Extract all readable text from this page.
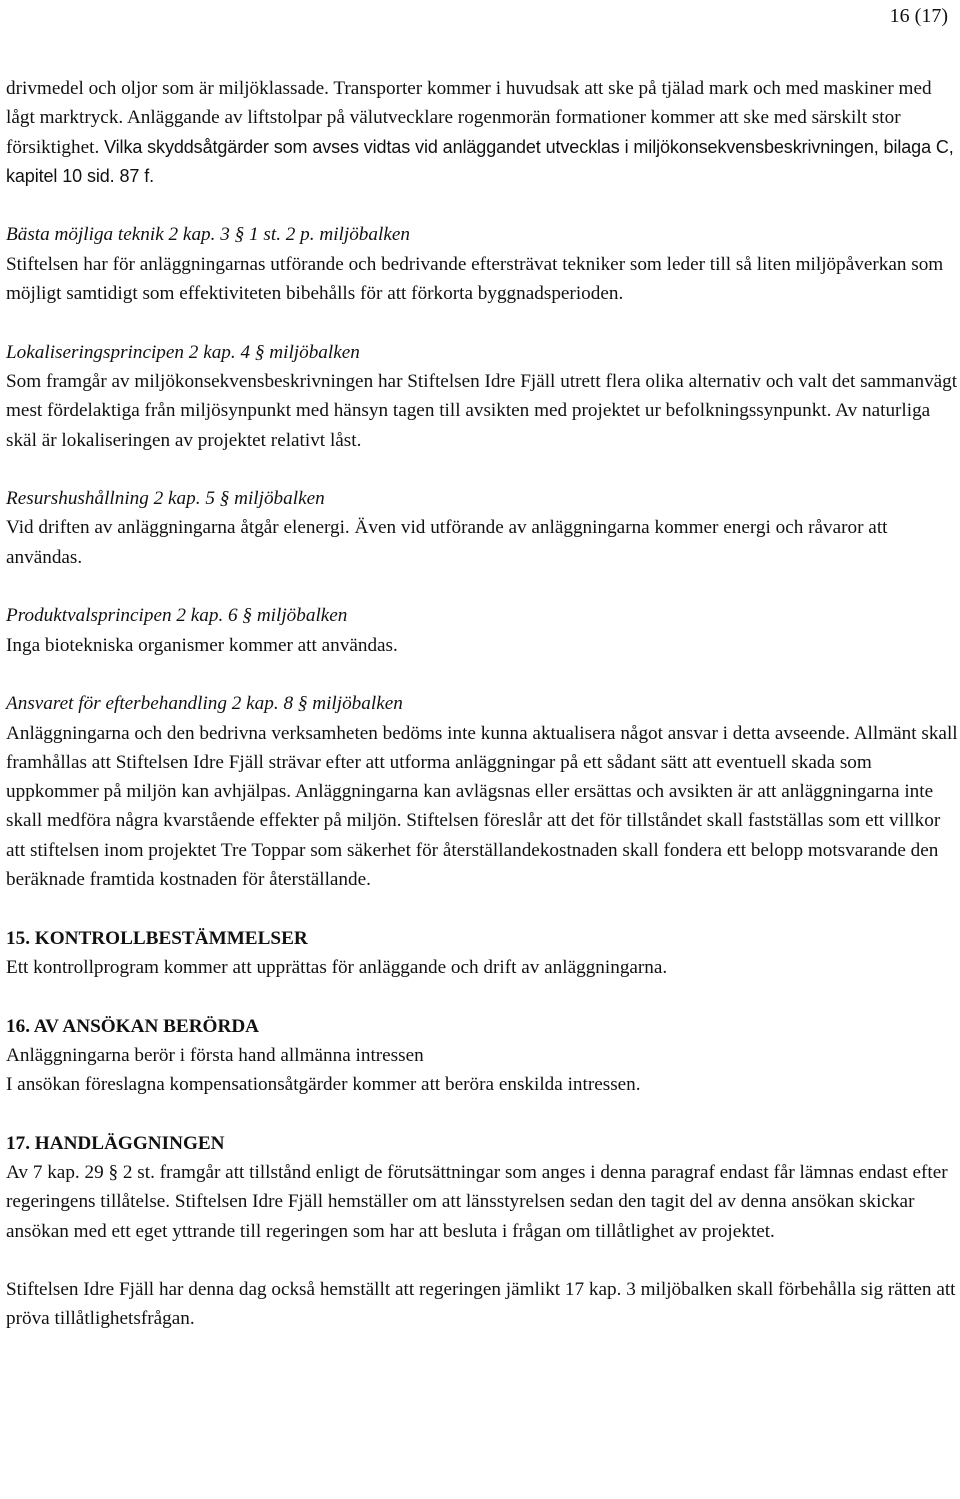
16 (17)

drivmedel och oljor som är miljöklassade. Transporter kommer i huvudsak att ske på tjälad mark och med maskiner med lågt marktryck. Anläggande av liftstolpar på välutvecklare rogenmorän formationer kommer att ske med särskilt stor försiktighet. Vilka skyddsåtgärder som avses vidtas vid anläggandet utvecklas i miljökonsekvensbeskrivningen, bilaga C, kapitel 10 sid. 87 f.

Bästa möjliga teknik 2 kap. 3 § 1 st. 2 p. miljöbalken

Stiftelsen har för anläggningarnas utförande och bedrivande eftersträvat tekniker som leder till så liten miljöpåverkan som möjligt samtidigt som effektiviteten bibehålls för att förkorta byggnadsperioden.

Lokaliseringsprincipen 2 kap. 4 § miljöbalken

Som framgår av miljökonsekvensbeskrivningen har Stiftelsen Idre Fjäll utrett flera olika alternativ och valt det sammanvägt mest fördelaktiga från miljösynpunkt med hänsyn tagen till avsikten med projektet ur befolkningssynpunkt. Av naturliga skäl är lokaliseringen av projektet relativt låst.

Resurshushållning 2 kap. 5 § miljöbalken

Vid driften av anläggningarna åtgår elenergi. Även vid utförande av anläggningarna kommer energi och råvaror att användas.

Produktvalsprincipen 2 kap. 6 § miljöbalken

Inga biotekniska organismer kommer att användas.

Ansvaret för efterbehandling 2 kap. 8 § miljöbalken

Anläggningarna och den bedrivna verksamheten bedöms inte kunna aktualisera något ansvar i detta avseende. Allmänt skall framhållas att Stiftelsen Idre Fjäll strävar efter att utforma anläggningar på ett sådant sätt att eventuell skada som uppkommer på miljön kan avhjälpas. Anläggningarna kan avlägsnas eller ersättas och avsikten är att anläggningarna inte skall medföra några kvarstående effekter på miljön. Stiftelsen föreslår att det för tillståndet skall fastställas som ett villkor att stiftelsen inom projektet Tre Toppar som säkerhet för återställandekostnaden skall fondera ett belopp motsvarande den beräknade framtida kostnaden för återställande.

15. KONTROLLBESTÄMMELSER

Ett kontrollprogram kommer att upprättas för anläggande och drift av anläggningarna.

16. AV ANSÖKAN BERÖRDA

Anläggningarna berör i första hand allmänna intressen

I ansökan föreslagna kompensationsåtgärder kommer att beröra enskilda intressen.

17. HANDLÄGGNINGEN

Av 7 kap. 29 § 2 st. framgår att tillstånd enligt de förutsättningar som anges i denna paragraf endast får lämnas endast efter regeringens tillåtelse. Stiftelsen Idre Fjäll hemställer om att länsstyrelsen sedan den tagit del av denna ansökan skickar ansökan med ett eget yttrande till regeringen som har att besluta i frågan om tillåtlighet av projektet.

Stiftelsen Idre Fjäll har denna dag också hemställt att regeringen jämlikt 17 kap. 3 miljöbalken skall förbehålla sig rätten att pröva tillåtlighetsfrågan.
